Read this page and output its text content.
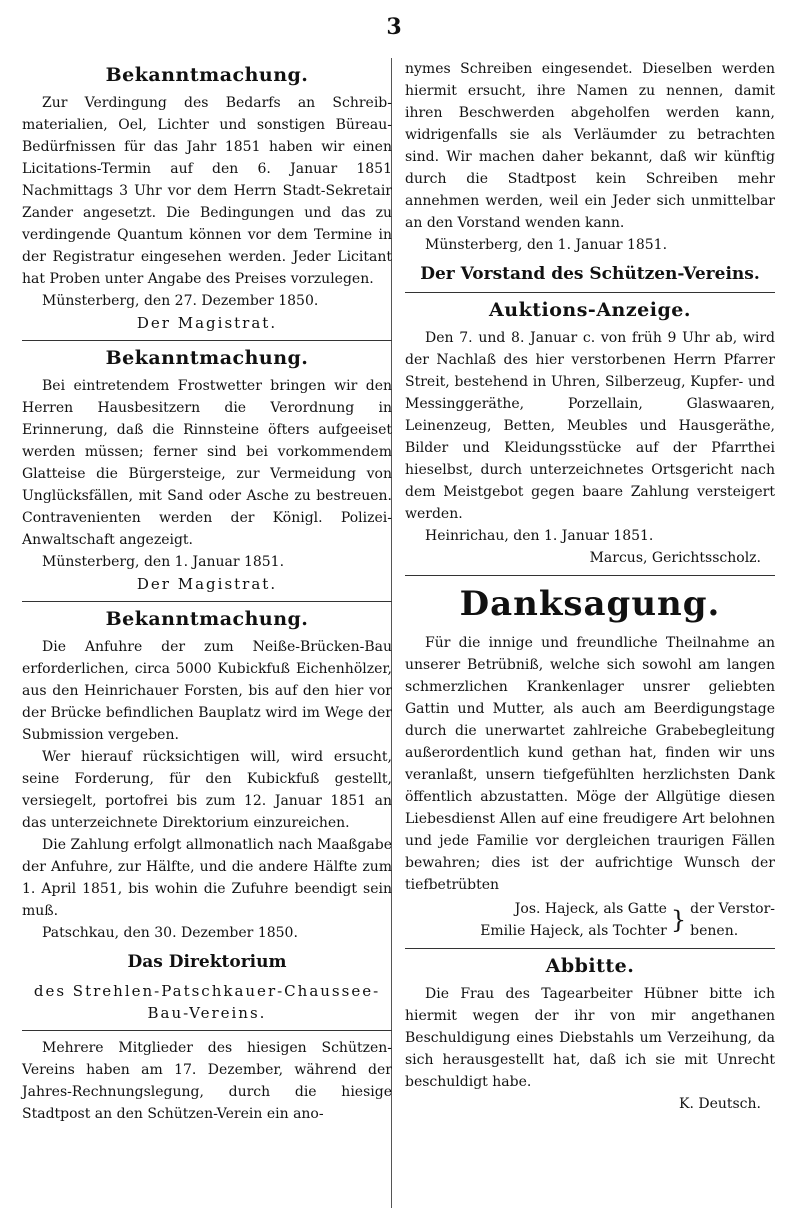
3
Bekanntmachung.

Zur Verdingung des Bedarfs an Schreib-materialien, Oel, Lichter und sonstigen Büreau-Bedürfnissen für das Jahr 1851 haben wir einen Licitations-Termin auf den 6. Januar 1851 Nachmittags 3 Uhr vor dem Herrn Stadt-Sekretair Zander angesetzt. Die Bedingungen und das zu verdingende Quantum können vor dem Termine in der Registratur eingesehen werden. Jeder Licitant hat Proben unter Angabe des Preises vorzulegen.

Münsterberg, den 27. Dezember 1850.
Der Magistrat.
Bekanntmachung.

Bei eintretendem Frostwetter bringen wir den Herren Hausbesitzern die Verordnung in Erinnerung, daß die Rinnsteine öfters aufgeeiset werden müssen; ferner sind bei vorkommendem Glatteise die Bürgersteige, zur Vermeidung von Unglücksfällen, mit Sand oder Asche zu bestreuen. Contravenienten werden der Königl. Polizei-Anwaltschaft angezeigt.

Münsterberg, den 1. Januar 1851.
Der Magistrat.
Bekanntmachung.

Die Anfuhre der zum Neiße-Brücken-Bau erforderlichen, circa 5000 Kubickfuß Eichenhölzer, aus den Heinrichauer Forsten, bis auf den hier vor der Brücke befindlichen Bauplatz wird im Wege der Submission vergeben.

Wer hierauf rücksichtigen will, wird ersucht, seine Forderung, für den Kubickfuß gestellt, versiegelt, portofrei bis zum 12. Januar 1851 an das unterzeichnete Direktorium einzureichen.

Die Zahlung erfolgt allmonatlich nach Maaßgabe der Anfuhre, zur Hälfte, und die andere Hälfte zum 1. April 1851, bis wohin die Zufuhre beendigt sein muß.

Patschkau, den 30. Dezember 1850.
Das Direktorium
des Strehlen-Patschkauer-Chaussee-
Bau-Vereins.

Mehrere Mitglieder des hiesigen Schützen-Vereins haben am 17. Dezember, während der Jahres-Rechnungslegung, durch die hiesige Stadtpost an den Schützen-Verein ein ano-

nymes Schreiben eingesendet. Dieselben werden hiermit ersucht, ihre Namen zu nennen, damit ihren Beschwerden abgeholfen werden kann, widrigenfalls sie als Verläumder zu betrachten sind. Wir machen daher bekannt, daß wir künftig durch die Stadtpost kein Schreiben mehr annehmen werden, weil ein Jeder sich unmittelbar an den Vorstand wenden kann.

Münsterberg, den 1. Januar 1851.
Der Vorstand des Schützen-Vereins.
Auktions-Anzeige.

Den 7. und 8. Januar c. von früh 9 Uhr ab, wird der Nachlaß des hier verstorbenen Herrn Pfarrer Streit, bestehend in Uhren, Silberzeug, Kupfer- und Messinggeräthe, Porzellain, Glaswaaren, Leinenzeug, Betten, Meubles und Hausgeräthe, Bilder und Kleidungsstücke auf der Pfarrthei hieselbst, durch unterzeichnetes Ortsgericht nach dem Meistgebot gegen baare Zahlung versteigert werden.

Heinrichau, den 1. Januar 1851.
Marcus, Gerichtsscholz.
Danksagung.

Für die innige und freundliche Theilnahme an unserer Betrübniß, welche sich sowohl am langen schmerzlichen Krankenlager unsrer geliebten Gattin und Mutter, als auch am Beerdigungstage durch die unerwartet zahlreiche Grabebegleitung außerordentlich kund gethan hat, finden wir uns veranlaßt, unsern tiefgefühlten herzlichsten Dank öffentlich abzustatten. Möge der Allgütige diesen Liebesdienst Allen auf eine freudigere Art belohnen und jede Familie vor dergleichen traurigen Fällen bewahren; dies ist der aufrichtige Wunsch der tiefbetrübten

Jos. Hajeck, als Gatte
Emilie Hajeck, als Tochter } der Verstor-
benen.
Abbitte.

Die Frau des Tagearbeiter Hübner bitte ich hiermit wegen der ihr von mir angethanen Beschuldigung eines Diebstahls um Verzeihung, da sich herausgestellt hat, daß ich sie mit Unrecht beschuldigt habe.

K. Deutsch.
